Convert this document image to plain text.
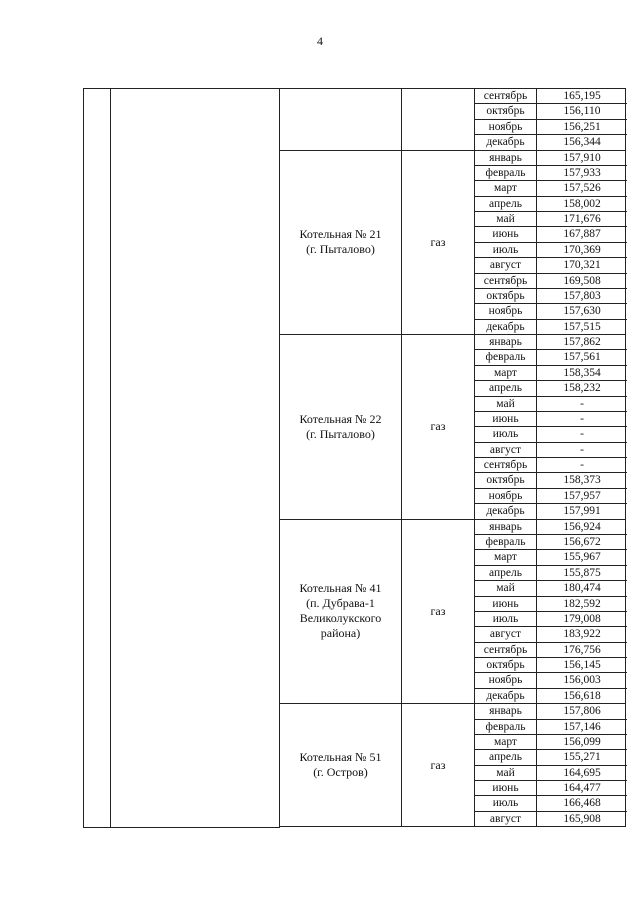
4
сентябрь	165,195
октябрь	156,110
ноябрь	156,251
декабрь	156,344
Котельная № 21
(г. Пыталово)
газ
январь	157,910
февраль	157,933
март	157,526
апрель	158,002
май	171,676
июнь	167,887
июль	170,369
август	170,321
сентябрь	169,508
октябрь	157,803
ноябрь	157,630
декабрь	157,515
Котельная № 22
(г. Пыталово)
газ
январь	157,862
февраль	157,561
март	158,354
апрель	158,232
май	-
июнь	-
июль	-
август	-
сентябрь	-
октябрь	158,373
ноябрь	157,957
декабрь	157,991
Котельная № 41
(п. Дубрава-1
Великолукского
района)
газ
январь	156,924
февраль	156,672
март	155,967
апрель	155,875
май	180,474
июнь	182,592
июль	179,008
август	183,922
сентябрь	176,756
октябрь	156,145
ноябрь	156,003
декабрь	156,618
Котельная № 51
(г. Остров)
газ
январь	157,806
февраль	157,146
март	156,099
апрель	155,271
май	164,695
июнь	164,477
июль	166,468
август	165,908
